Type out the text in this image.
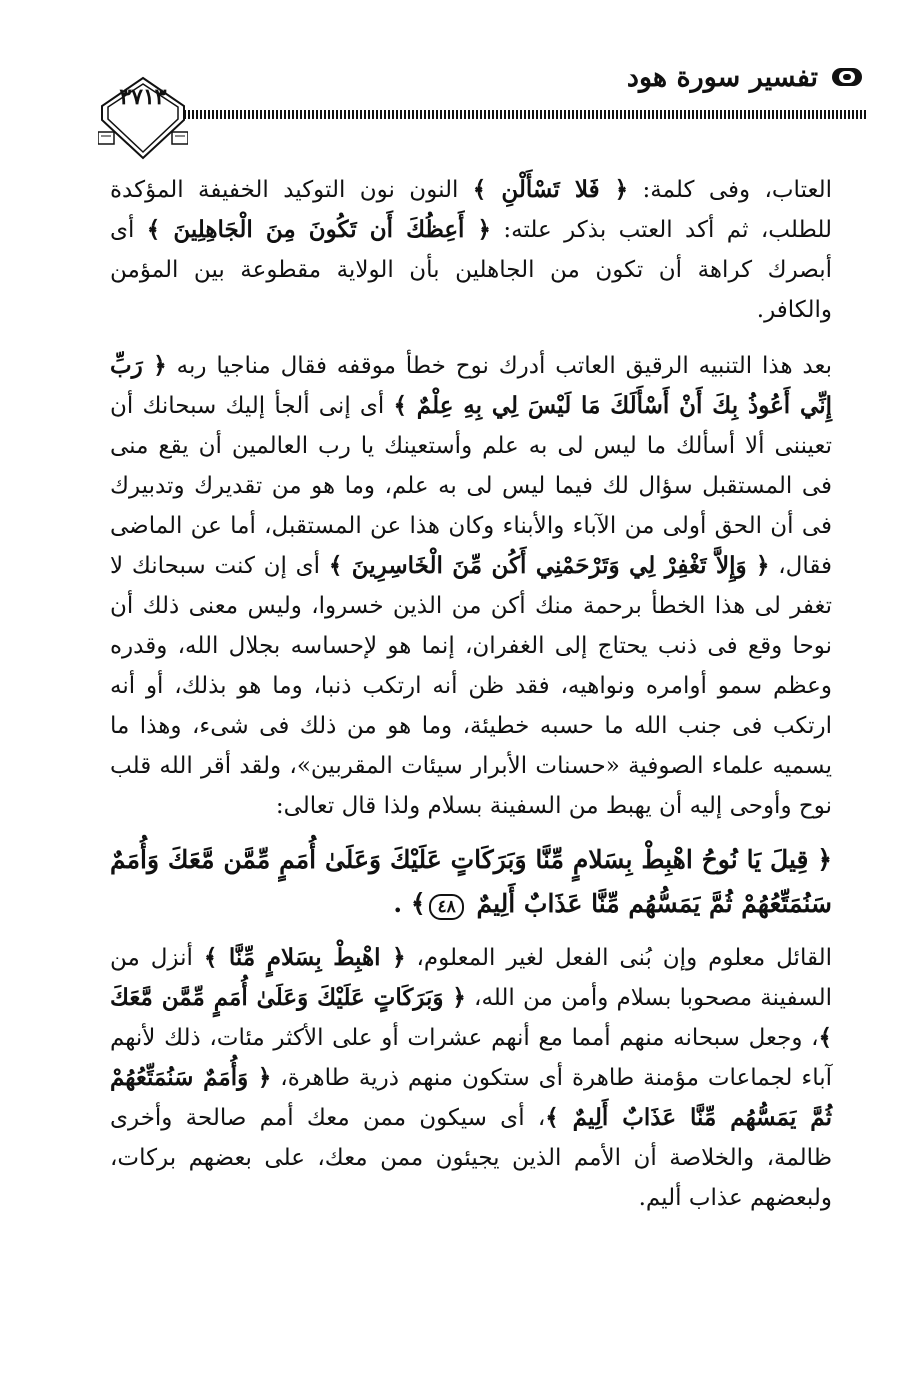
تفسير سورة هود
٣٧١٣

العتاب، وفى كلمة: ﴿ فَلا تَسْأَلْنِ ﴾ النون نون التوكيد الخفيفة المؤكدة للطلب، ثم أكد العتب بذكر علته: ﴿ أَعِظُكَ أَن تَكُونَ مِنَ الْجَاهِلِينَ ﴾ أى أبصرك كراهة أن تكون من الجاهلين بأن الولاية مقطوعة بين المؤمن والكافر.

بعد هذا التنبيه الرقيق العاتب أدرك نوح خطأ موقفه فقال مناجيا ربه ﴿ رَبِّ إِنِّي أَعُوذُ بِكَ أَنْ أَسْأَلَكَ مَا لَيْسَ لِي بِهِ عِلْمٌ ﴾ أى إنى ألجأ إليك سبحانك أن تعيننى ألا أسألك ما ليس لى به علم وأستعينك يا رب العالمين أن يقع منى فى المستقبل سؤال لك فيما ليس لى به علم، وما هو من تقديرك وتدبيرك فى أن الحق أولى من الآباء والأبناء وكان هذا عن المستقبل، أما عن الماضى فقال، ﴿ وَإِلاَّ تَغْفِرْ لِي وَتَرْحَمْنِي أَكُن مِّنَ الْخَاسِرِينَ ﴾ أى إن كنت سبحانك لا تغفر لى هذا الخطأ برحمة منك أكن من الذين خسروا، وليس معنى ذلك أن نوحا وقع فى ذنب يحتاج إلى الغفران، إنما هو لإحساسه بجلال الله، وقدره وعظم سمو أوامره ونواهيه، فقد ظن أنه ارتكب ذنبا، وما هو بذلك، أو أنه ارتكب فى جنب الله ما حسبه خطيئة، وما هو من ذلك فى شىء، وهذا ما يسميه علماء الصوفية «حسنات الأبرار سيئات المقربين»، ولقد أقر الله قلب نوح وأوحى إليه أن يهبط من السفينة بسلام ولذا قال تعالى:

﴿ قِيلَ يَا نُوحُ اهْبِطْ بِسَلامٍ مِّنَّا وَبَرَكَاتٍ عَلَيْكَ وَعَلَىٰ أُمَمٍ مِّمَّن مَّعَكَ وَأُمَمٌ سَنُمَتِّعُهُمْ ثُمَّ يَمَسُّهُم مِّنَّا عَذَابٌ أَلِيمٌ ٤٨﴾ .

القائل معلوم وإن بُنى الفعل لغير المعلوم، ﴿ اهْبِطْ بِسَلامٍ مِّنَّا ﴾ أنزل من السفينة مصحوبا بسلام وأمن من الله، ﴿ وَبَرَكَاتٍ عَلَيْكَ وَعَلَىٰ أُمَمٍ مِّمَّن مَّعَكَ ﴾، وجعل سبحانه منهم أمما مع أنهم عشرات أو على الأكثر مئات، ذلك لأنهم آباء لجماعات مؤمنة طاهرة أى ستكون منهم ذرية طاهرة، ﴿ وَأُمَمٌ سَنُمَتِّعُهُمْ ثُمَّ يَمَسُّهُم مِّنَّا عَذَابٌ أَلِيمٌ ﴾، أى سيكون ممن معك أمم صالحة وأخرى ظالمة، والخلاصة أن الأمم الذين يجيئون ممن معك، على بعضهم بركات، ولبعضهم عذاب أليم.
